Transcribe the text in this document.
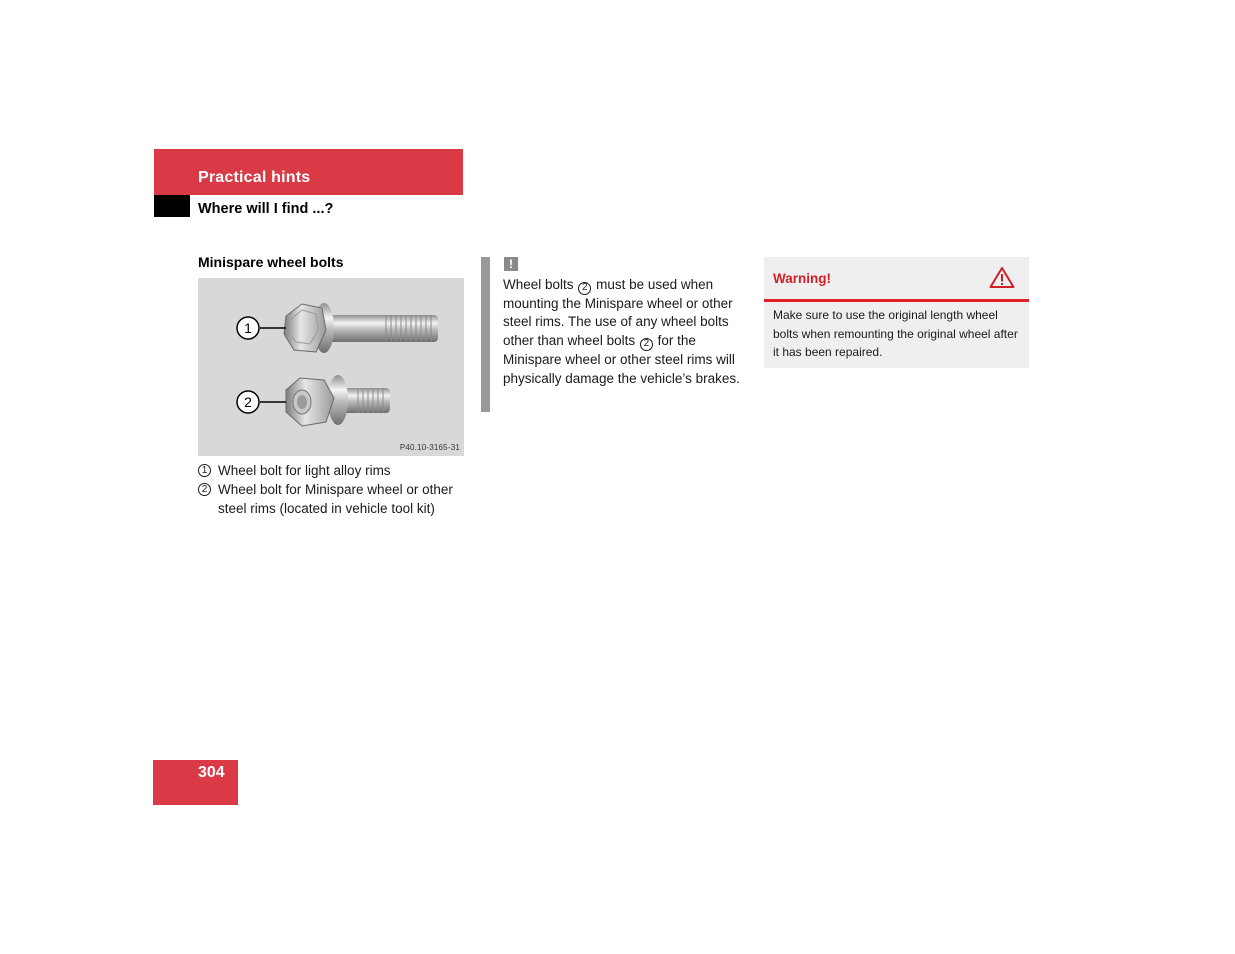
Practical hints
Where will I find ...?
Minispare wheel bolts
1
2
P40.10-3165-31
1 Wheel bolt for light alloy rims
2 Wheel bolt for Minispare wheel or other steel rims (located in vehicle tool kit)
!
Wheel bolts 2 must be used when mounting the Minispare wheel or other steel rims. The use of any wheel bolts other than wheel bolts 2 for the Minispare wheel or other steel rims will physically damage the vehicle’s brakes.
Warning!
Make sure to use the original length wheel bolts when remounting the original wheel after it has been repaired.
304
